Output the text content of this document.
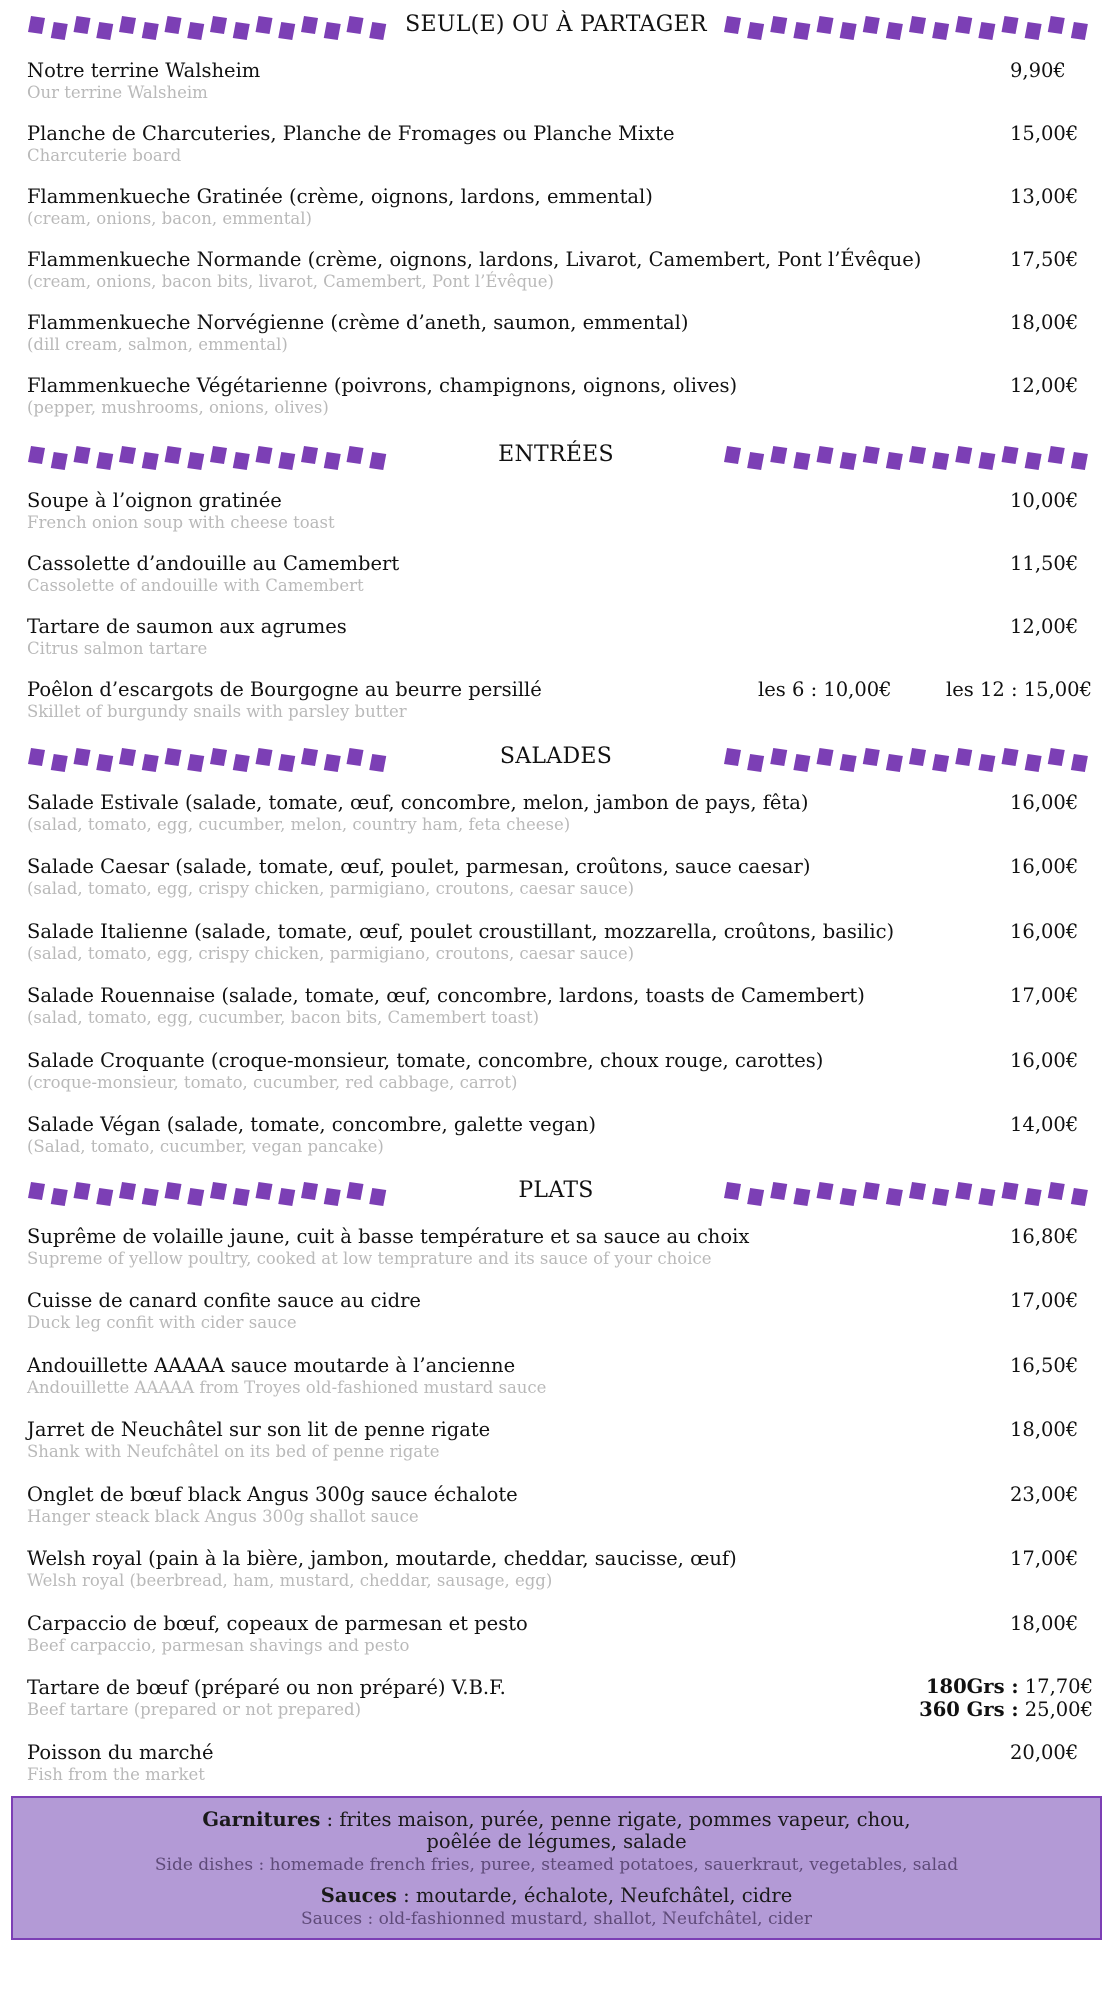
SEUL(E) OU À PARTAGER
Notre terrine Walsheim
Our terrine Walsheim
9,90€
Planche de Charcuteries, Planche de Fromages ou Planche Mixte
Charcuterie board
15,00€
Flammenkueche Gratinée (crème, oignons, lardons, emmental)
(cream, onions, bacon, emmental)
13,00€
Flammenkueche Normande (crème, oignons, lardons, Livarot, Camembert, Pont l’Évêque)
(cream, onions, bacon bits, livarot, Camembert, Pont l’Évêque)
17,50€
Flammenkueche Norvégienne (crème d’aneth, saumon, emmental)
(dill cream, salmon, emmental)
18,00€
Flammenkueche Végétarienne (poivrons, champignons, oignons, olives)
(pepper, mushrooms, onions, olives)
12,00€
ENTRÉES
Soupe à l’oignon gratinée
French onion soup with cheese toast
10,00€
Cassolette d’andouille au Camembert
Cassolette of andouille with Camembert
11,50€
Tartare de saumon aux agrumes
Citrus salmon tartare
12,00€
Poêlon d’escargots de Bourgogne au beurre persillé
Skillet of burgundy snails with parsley butter
les 6 : 10,00€	les 12 : 15,00€
SALADES
Salade Estivale (salade, tomate, œuf, concombre, melon, jambon de pays, fêta)
(salad, tomato, egg, cucumber, melon, country ham, feta cheese)
16,00€
Salade Caesar (salade, tomate, œuf, poulet, parmesan, croûtons, sauce caesar)
(salad, tomato, egg, crispy chicken, parmigiano, croutons, caesar sauce)
16,00€
Salade Italienne (salade, tomate, œuf, poulet croustillant, mozzarella, croûtons, basilic)
(salad, tomato, egg, crispy chicken, parmigiano, croutons, caesar sauce)
16,00€
Salade Rouennaise (salade, tomate, œuf, concombre, lardons, toasts de Camembert)
(salad, tomato, egg, cucumber, bacon bits, Camembert toast)
17,00€
Salade Croquante (croque-monsieur, tomate, concombre, choux rouge, carottes)
(croque-monsieur, tomato, cucumber, red cabbage, carrot)
16,00€
Salade Végan (salade, tomate, concombre, galette vegan)
(Salad, tomato, cucumber, vegan pancake)
14,00€
PLATS
Suprême de volaille jaune, cuit à basse température et sa sauce au choix
Supreme of yellow poultry, cooked at low temprature and its sauce of your choice
16,80€
Cuisse de canard confite sauce au cidre
Duck leg confit with cider sauce
17,00€
Andouillette AAAAA sauce moutarde à l’ancienne
Andouillette AAAAA from Troyes old-fashioned mustard sauce
16,50€
Jarret de Neuchâtel sur son lit de penne rigate
Shank with Neufchâtel on its bed of penne rigate
18,00€
Onglet de bœuf black Angus 300g sauce échalote
Hanger steack black Angus 300g shallot sauce
23,00€
Welsh royal (pain à la bière, jambon, moutarde, cheddar, saucisse, œuf)
Welsh royal (beerbread, ham, mustard, cheddar, sausage, egg)
17,00€
Carpaccio de bœuf, copeaux de parmesan et pesto
Beef carpaccio, parmesan shavings and pesto
18,00€
Tartare de bœuf (préparé ou non préparé) V.B.F.
Beef tartare (prepared or not prepared)
180Grs : 17,70€
360 Grs : 25,00€
Poisson du marché
Fish from the market
20,00€
Garnitures : frites maison, purée, penne rigate, pommes vapeur, chou,
poêlée de légumes, salade
Side dishes : homemade french fries, puree, steamed potatoes, sauerkraut, vegetables, salad
Sauces : moutarde, échalote, Neufchâtel, cidre
Sauces : old-fashionned mustard, shallot, Neufchâtel, cider
